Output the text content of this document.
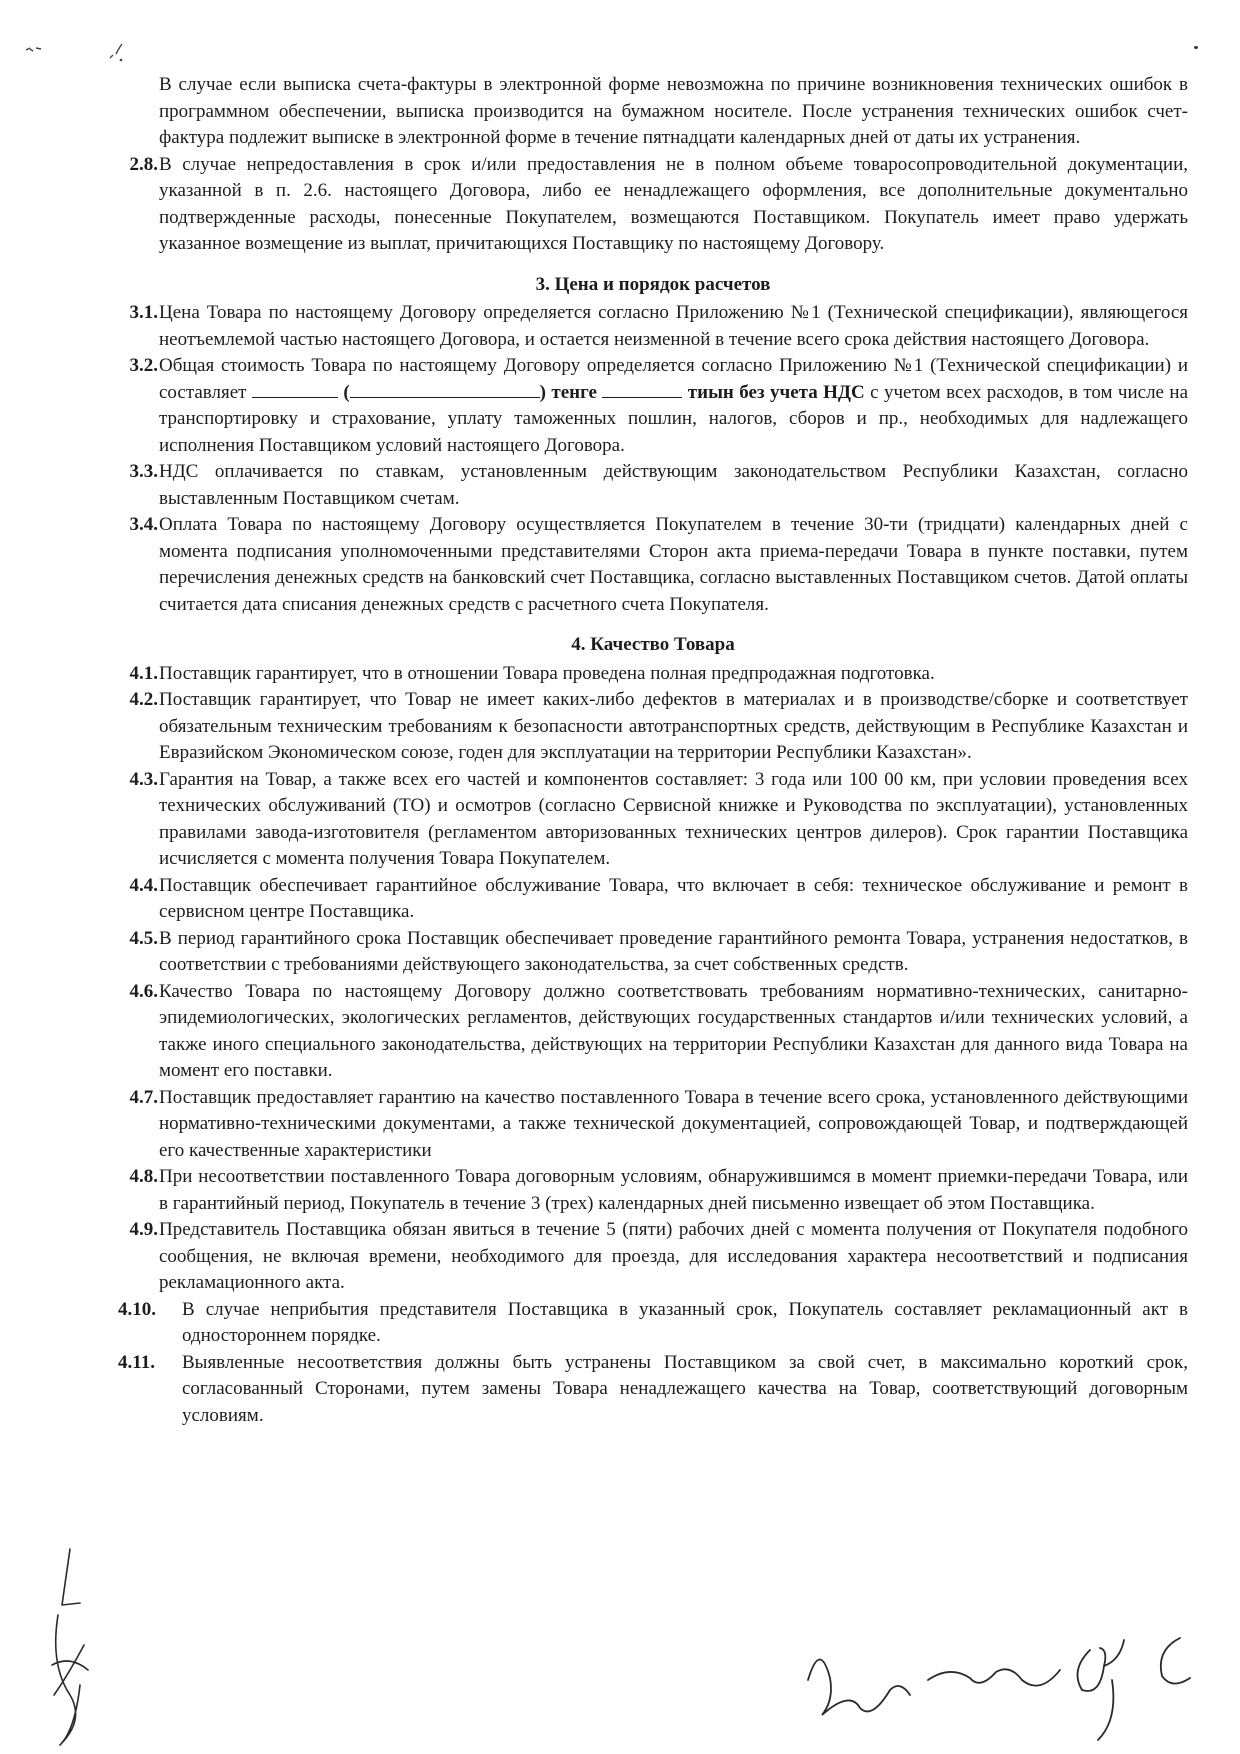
В случае если выписка счета-фактуры в электронной форме невозможна по причине возникновения технических ошибок в программном обеспечении, выписка производится на бумажном носителе. После устранения технических ошибок счет-фактура подлежит выписке в электронной форме в течение пятнадцати календарных дней от даты их устранения.

2.8. В случае непредоставления в срок и/или предоставления не в полном объеме товаросопроводительной документации, указанной в п. 2.6. настоящего Договора, либо ее ненадлежащего оформления, все дополнительные документально подтвержденные расходы, понесенные Покупателем, возмещаются Поставщиком. Покупатель имеет право удержать указанное возмещение из выплат, причитающихся Поставщику по настоящему Договору.

3. Цена и порядок расчетов
3.1. Цена Товара по настоящему Договору определяется согласно Приложению №1 (Технической спецификации), являющегося неотъемлемой частью настоящего Договора, и остается неизменной в течение всего срока действия настоящего Договора.

3.2. Общая стоимость Товара по настоящему Договору определяется согласно Приложению №1 (Технической спецификации) и составляет	(	) тенге	тиын без учета НДС с учетом всех расходов, в том числе на транспортировку и страхование, уплату таможенных пошлин, налогов, сборов и пр., необходимых для надлежащего исполнения Поставщиком условий настоящего Договора.

3.3. НДС оплачивается по ставкам, установленным действующим законодательством Республики Казахстан, согласно выставленным Поставщиком счетам.

3.4. Оплата Товара по настоящему Договору осуществляется Покупателем в течение 30-ти (тридцати) календарных дней с момента подписания уполномоченными представителями Сторон акта приема-передачи Товара в пункте поставки, путем перечисления денежных средств на банковский счет Поставщика, согласно выставленных Поставщиком счетов. Датой оплаты считается дата списания денежных средств с расчетного счета Покупателя.

4. Качество Товара
4.1. Поставщик гарантирует, что в отношении Товара проведена полная предпродажная подготовка.

4.2. Поставщик гарантирует, что Товар не имеет каких-либо дефектов в материалах и в производстве/сборке и соответствует обязательным техническим требованиям к безопасности автотранспортных средств, действующим в Республике Казахстан и Евразийском Экономическом союзе, годен для эксплуатации на территории Республики Казахстан».

4.3. Гарантия на Товар, а также всех его частей и компонентов составляет: 3 года или 100 00 км, при условии проведения всех технических обслуживаний (ТО) и осмотров (согласно Сервисной книжке и Руководства по эксплуатации), установленных правилами завода-изготовителя (регламентом авторизованных технических центров дилеров). Срок гарантии Поставщика исчисляется с момента получения Товара Покупателем.

4.4. Поставщик обеспечивает гарантийное обслуживание Товара, что включает в себя: техническое обслуживание и ремонт в сервисном центре Поставщика.

4.5. В период гарантийного срока Поставщик обеспечивает проведение гарантийного ремонта Товара, устранения недостатков, в соответствии с требованиями действующего законодательства, за счет собственных средств.

4.6. Качество Товара по настоящему Договору должно соответствовать требованиям нормативно-технических, санитарно-эпидемиологических, экологических регламентов, действующих государственных стандартов и/или технических условий, а также иного специального законодательства, действующих на территории Республики Казахстан для данного вида Товара на момент его поставки.

4.7. Поставщик предоставляет гарантию на качество поставленного Товара в течение всего срока, установленного действующими нормативно-техническими документами, а также технической документацией, сопровождающей Товар, и подтверждающей его качественные характеристики

4.8. При несоответствии поставленного Товара договорным условиям, обнаружившимся в момент приемки-передачи Товара, или в гарантийный период, Покупатель в течение 3 (трех) календарных дней письменно извещает об этом Поставщика.

4.9. Представитель Поставщика обязан явиться в течение 5 (пяти) рабочих дней с момента получения от Покупателя подобного сообщения, не включая времени, необходимого для проезда, для исследования характера несоответствий и подписания рекламационного акта.

4.10.	В случае неприбытия представителя Поставщика в указанный срок, Покупатель составляет рекламационный акт в одностороннем порядке.

4.11.	Выявленные несоответствия должны быть устранены Поставщиком за свой счет, в максимально короткий срок, согласованный Сторонами, путем замены Товара ненадлежащего качества на Товар, соответствующий договорным условиям.
